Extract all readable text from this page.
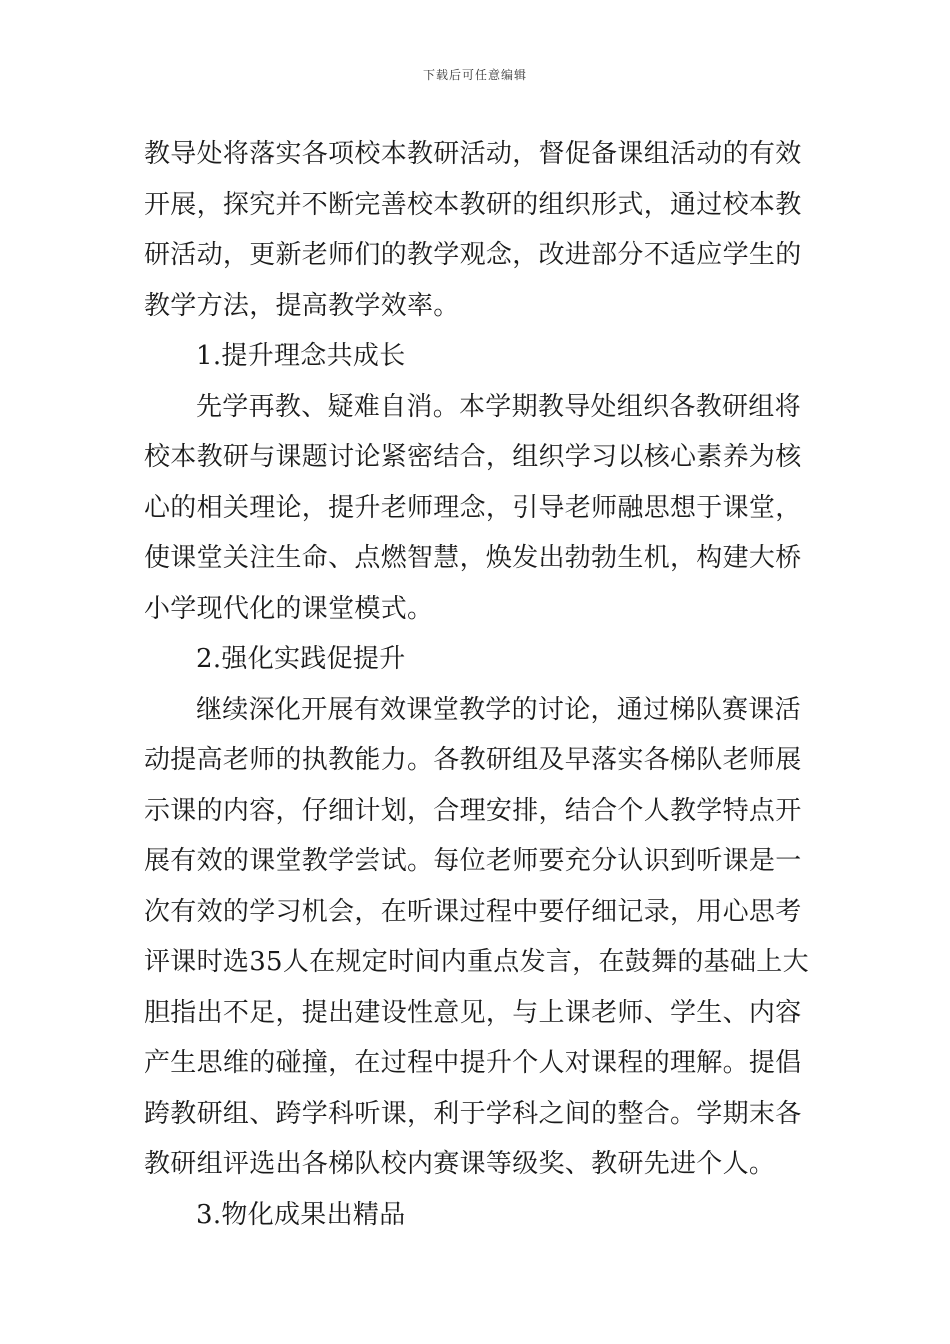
下载后可任意编辑
教导处将落实各项校本教研活动，督促备课组活动的有效
开展，探究并不断完善校本教研的组织形式，通过校本教
研活动，更新老师们的教学观念，改进部分不适应学生的
教学方法，提高教学效率。
1.提升理念共成长
先学再教、疑难自消。本学期教导处组织各教研组将
校本教研与课题讨论紧密结合，组织学习以核心素养为核
心的相关理论，提升老师理念，引导老师融思想于课堂，
使课堂关注生命、点燃智慧，焕发出勃勃生机，构建大桥
小学现代化的课堂模式。
2.强化实践促提升
继续深化开展有效课堂教学的讨论，通过梯队赛课活
动提高老师的执教能力。各教研组及早落实各梯队老师展
示课的内容，仔细计划，合理安排，结合个人教学特点开
展有效的课堂教学尝试。每位老师要充分认识到听课是一
次有效的学习机会，在听课过程中要仔细记录，用心思考
评课时选35人在规定时间内重点发言，在鼓舞的基础上大
胆指出不足，提出建设性意见，与上课老师、学生、内容
产生思维的碰撞，在过程中提升个人对课程的理解。提倡
跨教研组、跨学科听课，利于学科之间的整合。学期末各
教研组评选出各梯队校内赛课等级奖、教研先进个人。
3.物化成果出精品
